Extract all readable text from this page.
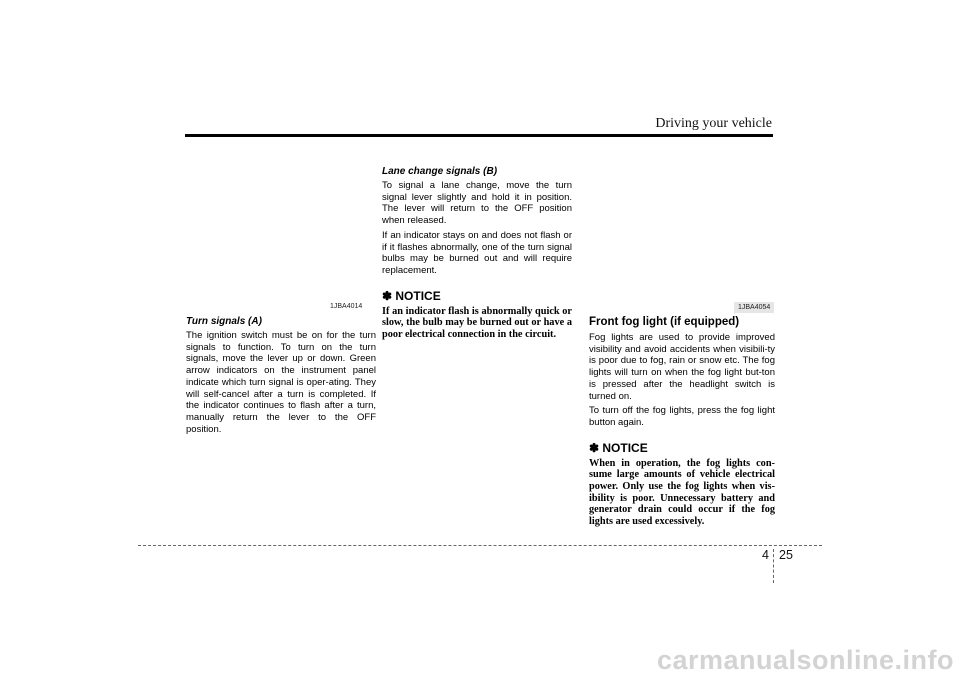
Driving your vehicle
1JBA4014

Turn signals (A)

The ignition switch must be on for the turn signals to function. To turn on the turn signals, move the lever up or down. Green arrow indicators on the instrument panel indicate which turn signal is oper-ating. They will self-cancel after a turn is completed. If the indicator continues to flash after a turn, manually return the lever to the OFF position.

Lane change signals (B)

To signal a lane change, move the turn signal lever slightly and hold it in position. The lever will return to the OFF position when released.

If an indicator stays on and does not flash or if it flashes abnormally, one of the turn signal bulbs may be burned out and will require replacement.

✽ NOTICE

If an indicator flash is abnormally quick or slow, the bulb may be burned out or have a poor electrical connection in the circuit.

1JBA4054

Front fog light (if equipped)

Fog lights are used to provide improved visibility and avoid accidents when visibili-ty is poor due to fog, rain or snow etc. The fog lights will turn on when the fog light but-ton is pressed after the headlight switch is turned on.

To turn off the fog lights, press the fog light button again.

✽ NOTICE

When in operation, the fog lights con-sume large amounts of vehicle electrical power. Only use the fog lights when vis-ibility is poor. Unnecessary battery and generator drain could occur if the fog lights are used excessively.

4 25
carmanualsonline.info
